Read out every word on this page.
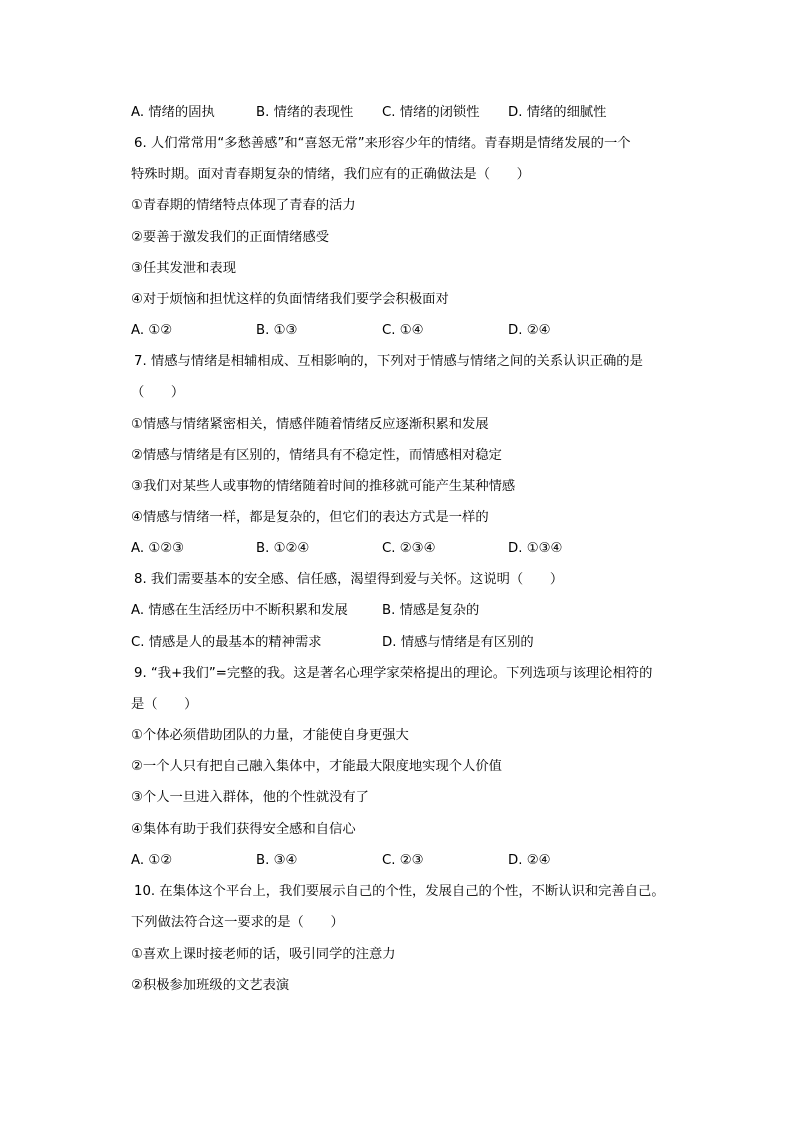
A. 情绪的固执	B. 情绪的表现性 C. 情绪的闭锁性 D. 情绪的细腻性
6. 人们常常用“多愁善感”和“喜怒无常”来形容少年的情绪。青春期是情绪发展的一个
特殊时期。面对青春期复杂的情绪，我们应有的正确做法是（　　）
①青春期的情绪特点体现了青春的活力
②要善于激发我们的正面情绪感受
③任其发泄和表现
④对于烦恼和担忧这样的负面情绪我们要学会积极面对
A. ①②	B. ①③	C. ①④	D. ②④
7. 情感与情绪是相辅相成、互相影响的，下列对于情感与情绪之间的关系认识正确的是
（　　）
①情感与情绪紧密相关，情感伴随着情绪反应逐渐积累和发展
②情感与情绪是有区别的，情绪具有不稳定性，而情感相对稳定
③我们对某些人或事物的情绪随着时间的推移就可能产生某种情感
④情感与情绪一样，都是复杂的，但它们的表达方式是一样的
A. ①②③	B. ①②④	C. ②③④	D. ①③④
8. 我们需要基本的安全感、信任感，渴望得到爱与关怀。这说明（　　）
A. 情感在生活经历中不断积累和发展	B. 情感是复杂的
C. 情感是人的最基本的精神需求	D. 情感与情绪是有区别的
9. “我+我们”=完整的我。这是著名心理学家荣格提出的理论。下列选项与该理论相符的
是（　　）
①个体必须借助团队的力量，才能使自身更强大
②一个人只有把自己融入集体中，才能最大限度地实现个人价值
③个人一旦进入群体，他的个性就没有了
④集体有助于我们获得安全感和自信心
A. ①②	B. ③④	C. ②③	D. ②④
10. 在集体这个平台上，我们要展示自己的个性，发展自己的个性，不断认识和完善自己。
下列做法符合这一要求的是（　　）
①喜欢上课时接老师的话，吸引同学的注意力
②积极参加班级的文艺表演
